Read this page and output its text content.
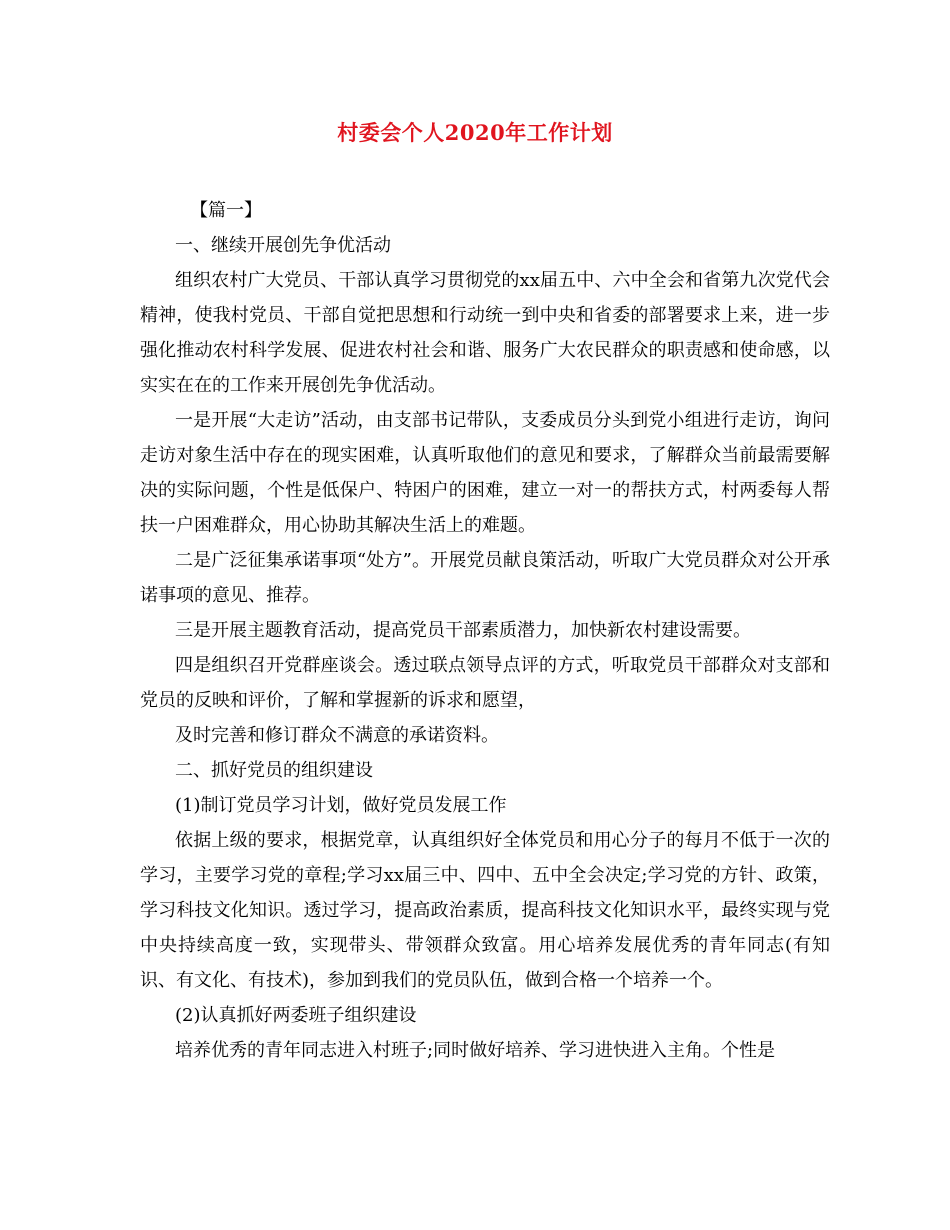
村委会个人2020年工作计划

【篇一】

一、继续开展创先争优活动

组织农村广大党员、干部认真学习贯彻党的xx届五中、六中全会和省第九次党代会精神，使我村党员、干部自觉把思想和行动统一到中央和省委的部署要求上来，进一步强化推动农村科学发展、促进农村社会和谐、服务广大农民群众的职责感和使命感，以实实在在的工作来开展创先争优活动。

一是开展“大走访”活动，由支部书记带队，支委成员分头到党小组进行走访，询问走访对象生活中存在的现实困难，认真听取他们的意见和要求，了解群众当前最需要解决的实际问题，个性是低保户、特困户的困难，建立一对一的帮扶方式，村两委每人帮扶一户困难群众，用心协助其解决生活上的难题。

二是广泛征集承诺事项“处方”。开展党员献良策活动，听取广大党员群众对公开承诺事项的意见、推荐。

三是开展主题教育活动，提高党员干部素质潜力，加快新农村建设需要。

四是组织召开党群座谈会。透过联点领导点评的方式，听取党员干部群众对支部和党员的反映和评价，了解和掌握新的诉求和愿望，

及时完善和修订群众不满意的承诺资料。

二、抓好党员的组织建设

(1)制订党员学习计划，做好党员发展工作

依据上级的要求，根据党章，认真组织好全体党员和用心分子的每月不低于一次的学习，主要学习党的章程;学习xx届三中、四中、五中全会决定;学习党的方针、政策，学习科技文化知识。透过学习，提高政治素质，提高科技文化知识水平，最终实现与党中央持续高度一致，实现带头、带领群众致富。用心培养发展优秀的青年同志(有知识、有文化、有技术)，参加到我们的党员队伍，做到合格一个培养一个。

(2)认真抓好两委班子组织建设

培养优秀的青年同志进入村班子;同时做好培养、学习进快进入主角。个性是
